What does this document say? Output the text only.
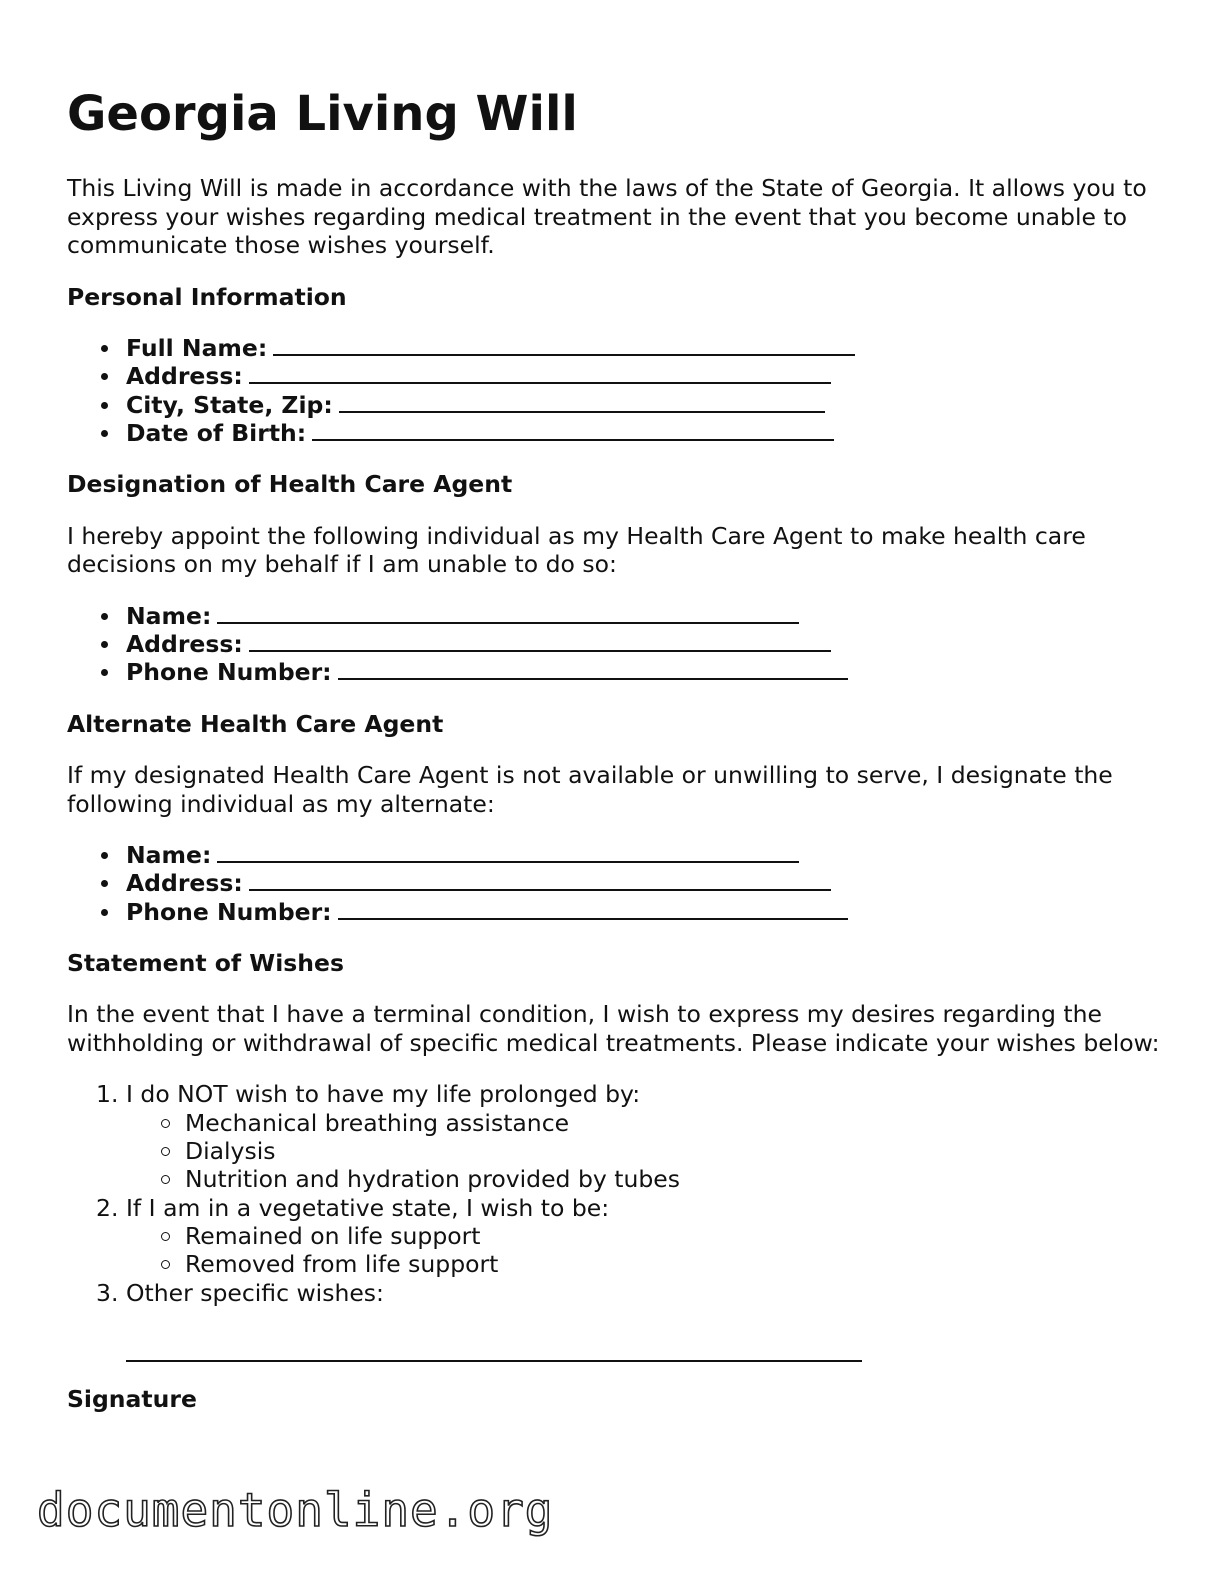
Georgia Living Will

This Living Will is made in accordance with the laws of the State of Georgia. It allows you to express your wishes regarding medical treatment in the event that you become unable to communicate those wishes yourself.

Personal Information
Full Name:
Address:
City, State, Zip:
Date of Birth:
Designation of Health Care Agent

I hereby appoint the following individual as my Health Care Agent to make health care decisions on my behalf if I am unable to do so:

Name:
Address:
Phone Number:
Alternate Health Care Agent

If my designated Health Care Agent is not available or unwilling to serve, I designate the following individual as my alternate:

Name:
Address:
Phone Number:
Statement of Wishes

In the event that I have a terminal condition, I wish to express my desires regarding the withholding or withdrawal of specific medical treatments. Please indicate your wishes below:

1. I do NOT wish to have my life prolonged by:
Mechanical breathing assistance
Dialysis
Nutrition and hydration provided by tubes
2. If I am in a vegetative state, I wish to be:
Remained on life support
Removed from life support
3. Other specific wishes:
Signature
documentonline.org
